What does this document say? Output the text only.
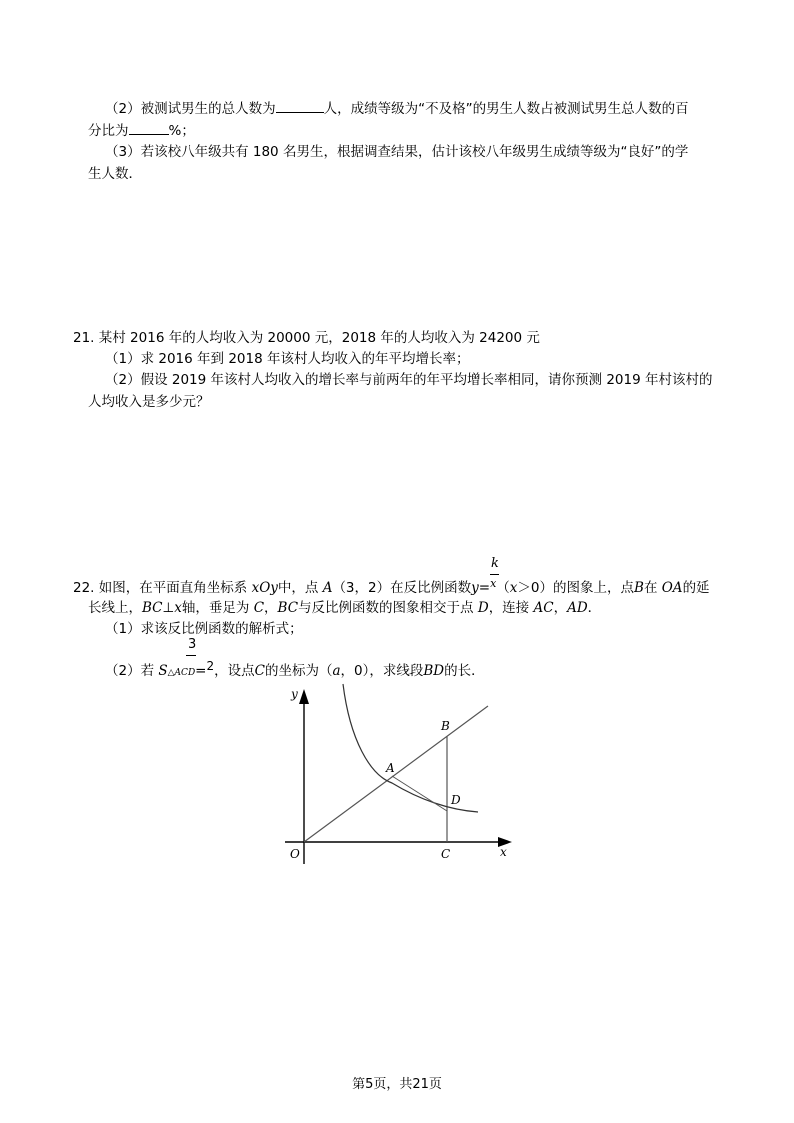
（2）被测试男生的总人数为	人，成绩等级为“不及格”的男生人数占被测试男生总人数的百
分比为	%；
（3）若该校八年级共有 180 名男生，根据调查结果，估计该校八年级男生成绩等级为“良好”的学
生人数．
21. 某村 2016 年的人均收入为 20000 元，2018 年的人均收入为 24200 元
（1）求 2016 年到 2018 年该村人均收入的年平均增长率；
（2）假设 2019 年该村人均收入的增长率与前两年的年平均增长率相同，请你预测 2019 年村该村的
人均收入是多少元？
k
22. 如图，在平面直角坐标系 xOy中，点 A（3，2）在反比例函数y=$^x$（x＞0）的图象上，点B在 OA的延
长线上，BC⊥x轴，垂足为 C，BC与反比例函数的图象相交于点 D，连接 AC，AD．
（1）求该反比例函数的解析式；
3
（2）若 S△ACD=2，设点C的坐标为（a，0），求线段BD的长．
y
x
O
A
B
C
D
第5页，共21页
